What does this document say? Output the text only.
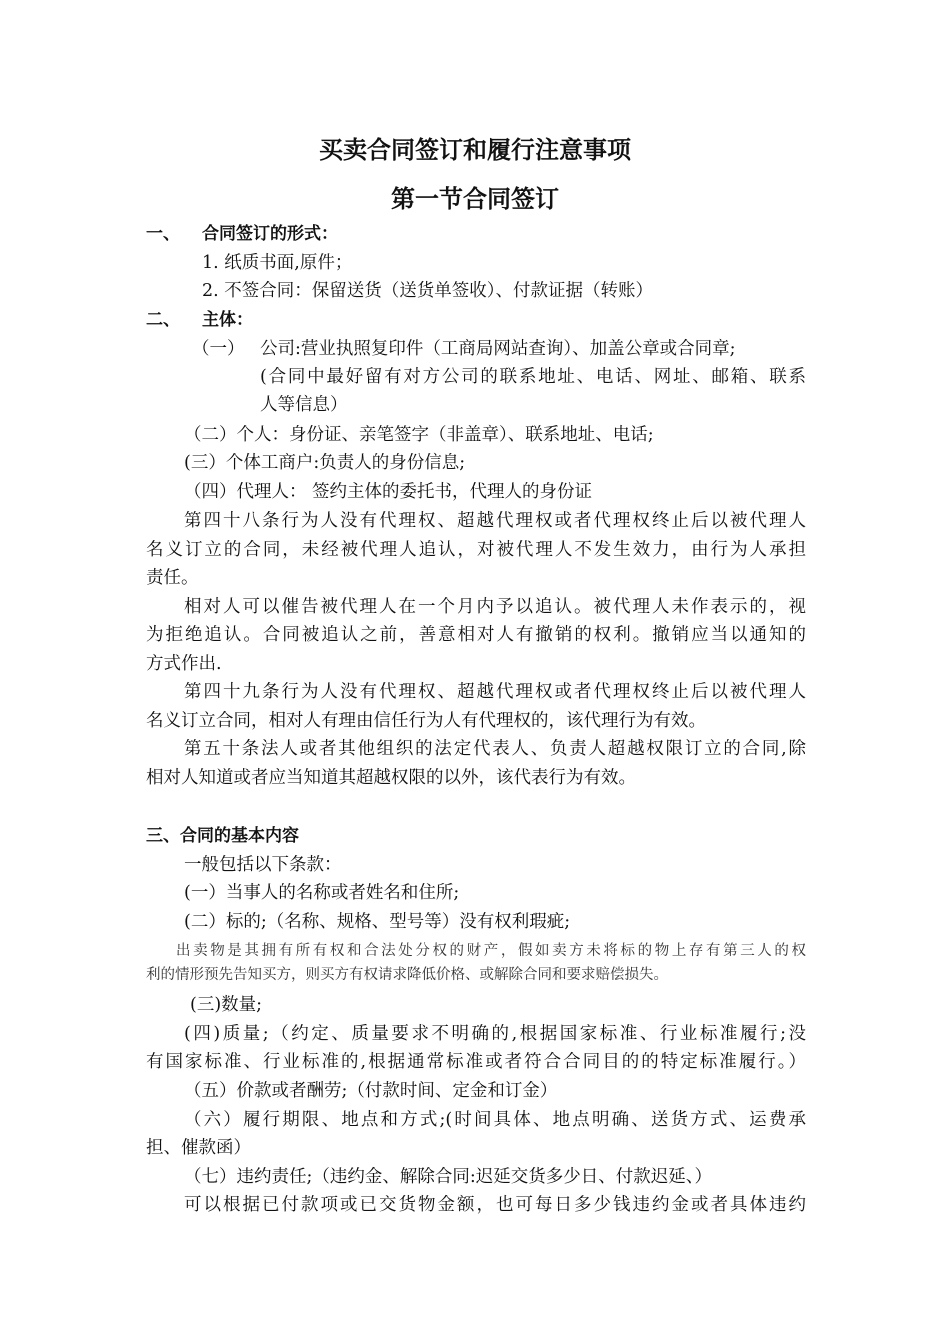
买卖合同签订和履行注意事项
第一节合同签订
一、 合同签订的形式：
1. 纸质书面,原件；
2. 不签合同：保留送货（送货单签收）、付款证据（转账）
二、 主体：
（一） 公司:营业执照复印件（工商局网站查询）、加盖公章或合同章;
(合同中最好留有对方公司的联系地址、电话、网址、邮箱、联系
人等信息）
（二）个人：身份证、亲笔签字（非盖章）、联系地址、电话;
(三）个体工商户:负责人的身份信息;
（四）代理人： 签约主体的委托书，代理人的身份证
第四十八条行为人没有代理权、超越代理权或者代理权终止后以被代理人
名义订立的合同，未经被代理人追认，对被代理人不发生效力，由行为人承担
责任。
相对人可以催告被代理人在一个月内予以追认。被代理人未作表示的，视
为拒绝追认。合同被追认之前，善意相对人有撤销的权利。撤销应当以通知的
方式作出.
第四十九条行为人没有代理权、超越代理权或者代理权终止后以被代理人
名义订立合同，相对人有理由信任行为人有代理权的，该代理行为有效。
第五十条法人或者其他组织的法定代表人、负责人超越权限订立的合同,除
相对人知道或者应当知道其超越权限的以外，该代表行为有效。
三、合同的基本内容
一般包括以下条款：
(一）当事人的名称或者姓名和住所;
(二）标的;（名称、规格、型号等）没有权利瑕疵;
出卖物是其拥有所有权和合法处分权的财产，假如卖方未将标的物上存有第三人的权
利的情形预先告知买方，则买方有权请求降低价格、或解除合同和要求赔偿损失。
(三)数量;
(四)质量;（约定、质量要求不明确的,根据国家标准、行业标准履行;没
有国家标准、行业标准的,根据通常标准或者符合合同目的的特定标准履行。）
（五）价款或者酬劳;（付款时间、定金和订金）
（六）履行期限、地点和方式;(时间具体、地点明确、送货方式、运费承
担、催款函）
（七）违约责任;（违约金、解除合同:迟延交货多少日、付款迟延、）
可以根据已付款项或已交货物金额，也可每日多少钱违约金或者具体违约
